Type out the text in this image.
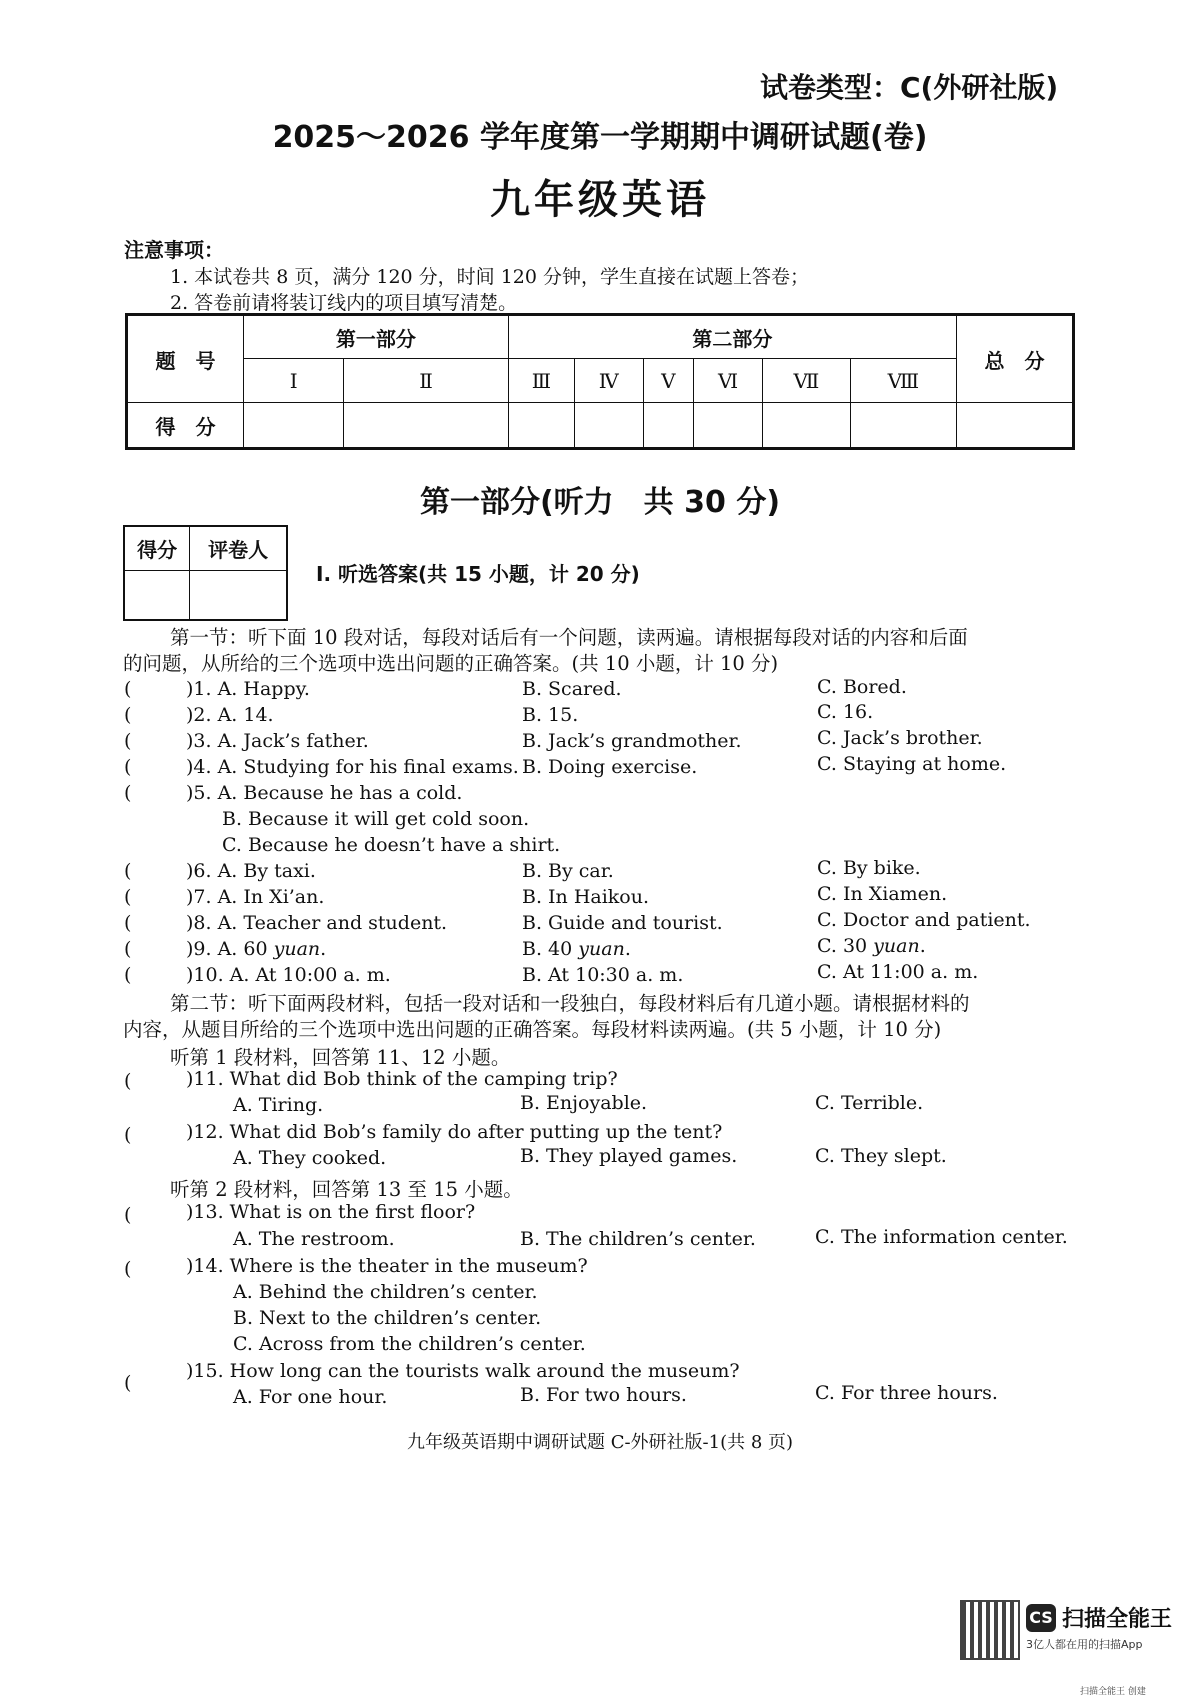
试卷类型：C(外研社版)
2025～2026 学年度第一学期期中调研试题(卷)
九年级英语
注意事项：
1. 本试卷共 8 页，满分 120 分，时间 120 分钟，学生直接在试题上答卷；
2. 答卷前请将装订线内的项目填写清楚。
题　号	第一部分		第二部分						总　分
	Ⅰ	Ⅱ	Ⅲ	Ⅳ	Ⅴ	Ⅵ	Ⅶ	Ⅷ	
得　分									
第一部分(听力　共 30 分)
得分	评卷人

Ⅰ. 听选答案(共 15 小题，计 20 分)
第一节：听下面 10 段对话，每段对话后有一个问题，读两遍。请根据每段对话的内容和后面
的问题，从所给的三个选项中选出问题的正确答案。(共 10 小题，计 10 分)
(	)1. A. Happy.	B. Scared.	C. Bored.
(	)2. A. 14.	B. 15.	C. 16.
(	)3. A. Jack’s father.	B. Jack’s grandmother.	C. Jack’s brother.
(	)4. A. Studying for his final exams. B. Doing exercise.	C. Staying at home.
(	)5. A. Because he has a cold.
B. Because it will get cold soon.
C. Because he doesn’t have a shirt.
(	)6. A. By taxi.	B. By car.	C. By bike.
(	)7. A. In Xi’an.	B. In Haikou.	C. In Xiamen.
(	)8. A. Teacher and student.	B. Guide and tourist.	C. Doctor and patient.
(	)9. A. 60 yuan.	B. 40 yuan.	C. 30 yuan.
(	)10. A. At 10:00 a. m.	B. At 10:30 a. m.	C. At 11:00 a. m.
第二节：听下面两段材料，包括一段对话和一段独白，每段材料后有几道小题。请根据材料的
内容，从题目所给的三个选项中选出问题的正确答案。每段材料读两遍。(共 5 小题，计 10 分)
听第 1 段材料，回答第 11、12 小题。
(	)11. What did Bob think of the camping trip?
A. Tiring.	B. Enjoyable.	C. Terrible.
(	)12. What did Bob’s family do after putting up the tent?
A. They cooked.	B. They played games.	C. They slept.
听第 2 段材料，回答第 13 至 15 小题。
(	)13. What is on the first floor?
A. The restroom.	B. The children’s center.	C. The information center.
(	)14. Where is the theater in the museum?
A. Behind the children’s center.
B. Next to the children’s center.
C. Across from the children’s center.
(
)15. How long can the tourists walk around the museum?
A. For one hour.	B. For two hours.	C. For three hours.
九年级英语期中调研试题 C-外研社版-1(共 8 页)
CS 扫描全能王
3亿人都在用的扫描App
扫描全能王 创建
